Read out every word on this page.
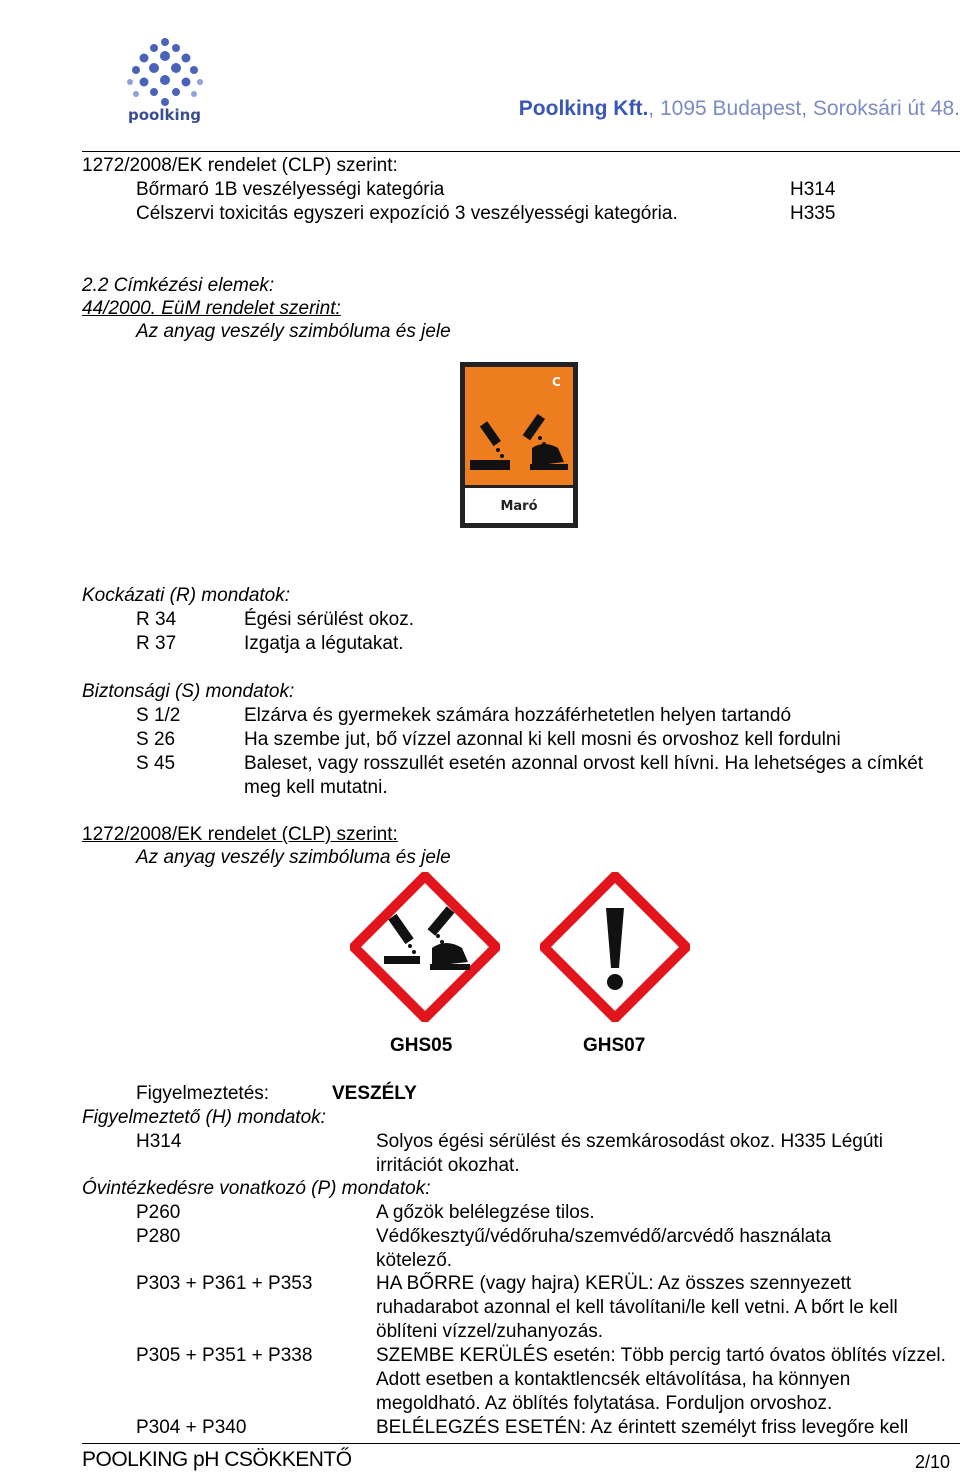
poolking	Poolking Kft., 1095 Budapest, Soroksári út 48.
1272/2008/EK rendelet (CLP) szerint:
Bőrmaró 1B veszélyességi kategória	H314
Célszervi toxicitás egyszeri expozíció 3 veszélyességi kategória.	H335
2.2 Címkézési elemek:
44/2000. EüM rendelet szerint:
Az anyag veszély szimbóluma és jele
C
Maró
Kockázati (R) mondatok:
R 34	Égési sérülést okoz.
R 37	Izgatja a légutakat.
Biztonsági (S) mondatok:
S 1/2	Elzárva és gyermekek számára hozzáférhetetlen helyen tartandó
S 26	Ha szembe jut, bő vízzel azonnal ki kell mosni és orvoshoz kell fordulni
S 45	Baleset, vagy rosszullét esetén azonnal orvost kell hívni. Ha lehetséges a címkét meg kell mutatni.
1272/2008/EK rendelet (CLP) szerint:
Az anyag veszély szimbóluma és jele
GHS05	GHS07
Figyelmeztetés:	VESZÉLY
Figyelmeztető (H) mondatok:
H314	Solyos égési sérülést és szemkárosodást okoz. H335 Légúti irritációt okozhat.
Óvintézkedésre vonatkozó (P) mondatok:
P260	A gőzök belélegzése tilos.
P280	Védőkesztyű/védőruha/szemvédő/arcvédő használata kötelező.
P303 + P361 + P353	HA BŐRRE (vagy hajra) KERÜL: Az összes szennyezett ruhadarabot azonnal el kell távolítani/le kell vetni. A bőrt le kell öblíteni vízzel/zuhanyozás.
P305 + P351 + P338	SZEMBE KERÜLÉS esetén: Több percig tartó óvatos öblítés vízzel. Adott esetben a kontaktlencsék eltávolítása, ha könnyen megoldható. Az öblítés folytatása. Forduljon orvoshoz.
P304 + P340	BELÉLEGZÉS ESETÉN: Az érintett személyt friss levegőre kell
POOLKING pH CSÖKKENTŐ	2/10
